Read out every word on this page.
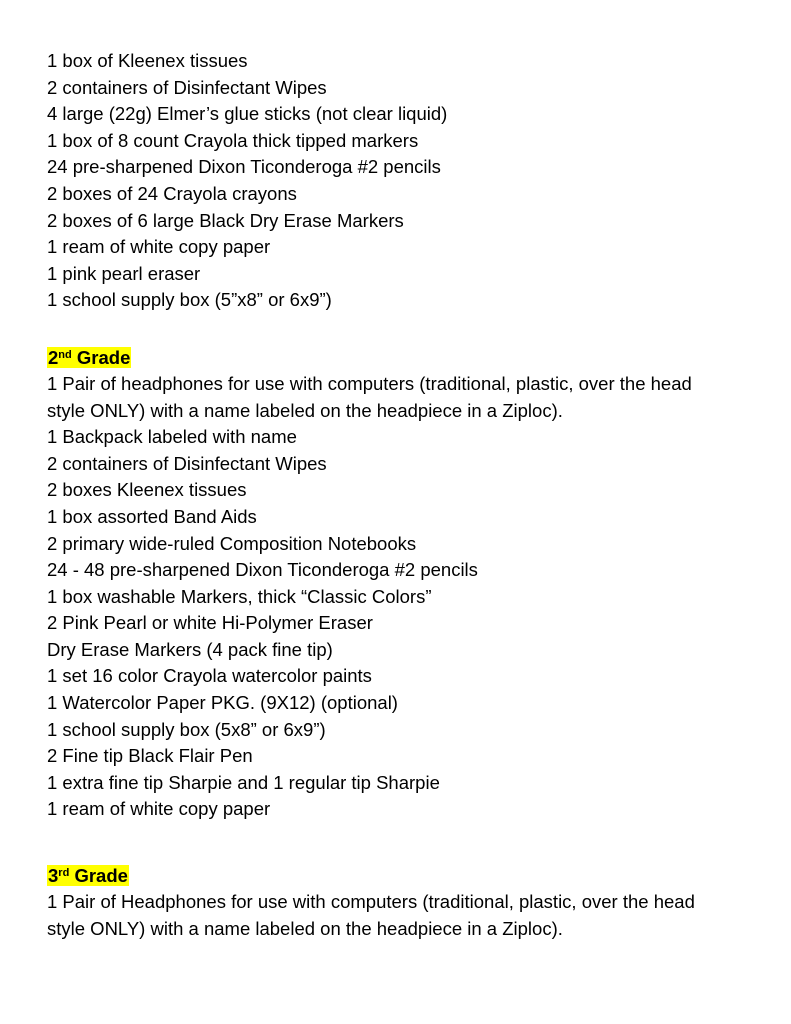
1 box of Kleenex tissues

2 containers of Disinfectant Wipes

4 large (22g) Elmer’s glue sticks (not clear liquid)

1 box of 8 count Crayola thick tipped markers

24 pre-sharpened Dixon Ticonderoga #2 pencils

2 boxes of 24 Crayola crayons

2 boxes of 6 large Black Dry Erase Markers

1 ream of white copy paper

1 pink pearl eraser

1 school supply box (5”x8” or 6x9”)

2nd Grade

1 Pair of headphones for use with computers (traditional, plastic, over the head style ONLY) with a name labeled on the headpiece in a Ziploc).

1 Backpack labeled with name

2 containers of Disinfectant Wipes

2 boxes Kleenex tissues

1 box assorted Band Aids

2 primary wide-ruled Composition Notebooks

24 - 48 pre-sharpened Dixon Ticonderoga #2 pencils

1 box washable Markers, thick “Classic Colors”

2 Pink Pearl or white Hi-Polymer Eraser

Dry Erase Markers (4 pack fine tip)

1 set 16 color Crayola watercolor paints

1 Watercolor Paper PKG. (9X12) (optional)

1 school supply box (5x8” or 6x9”)

2 Fine tip Black Flair Pen

1 extra fine tip Sharpie and 1 regular tip Sharpie

1 ream of white copy paper

3rd Grade

1 Pair of Headphones for use with computers (traditional, plastic, over the head style ONLY) with a name labeled on the headpiece in a Ziploc).
